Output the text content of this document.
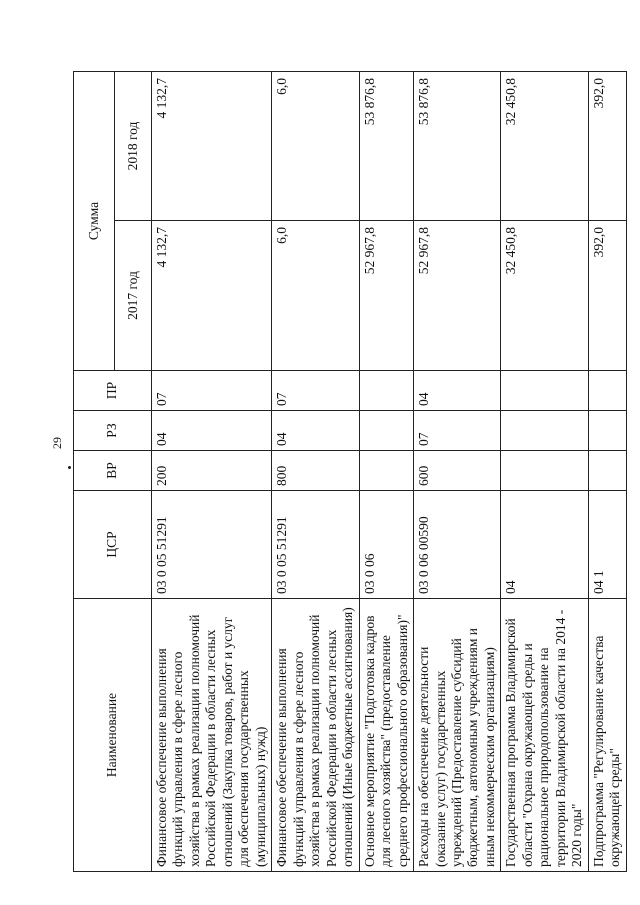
29
Наименование	ЦСР	ВР	РЗ	ПР	Сумма	
					2017 год	2018 год
Финансовое обеспечение выполнения функций управления в сфере лесного хозяйства в рамках реализации полномочий Российской Федерации в области лесных отношений (Закупка товаров, работ и услуг для обеспечения государственных (муниципальных) нужд)	03 0 05 51291	200	04	07	4 132,7	4 132,7
Финансовое обеспечение выполнения функций управления в сфере лесного хозяйства в рамках реализации полномочий Российской Федерации в области лесных отношений (Иные бюджетные ассигнования)	03 0 05 51291	800	04	07	6,0	6,0
Основное мероприятие "Подготовка кадров для лесного хозяйства" (предоставление среднего профессионального образования)"	03 0 06				52 967,8	53 876,8
Расходы на обеспечение деятельности (оказание услуг) государственных учреждений (Предоставление субсидий бюджетным, автономным учреждениям и иным некоммерческим организациям)	03 0 06 00590	600	07	04	52 967,8	53 876,8
Государственная программа Владимирской области "Охрана окружающей среды и рациональное природопользование на территории Владимирской области на 2014 - 2020 годы"	04				32 450,8	32 450,8
Подпрограмма "Регулирование качества окружающей среды"	04 1				392,0	392,0
